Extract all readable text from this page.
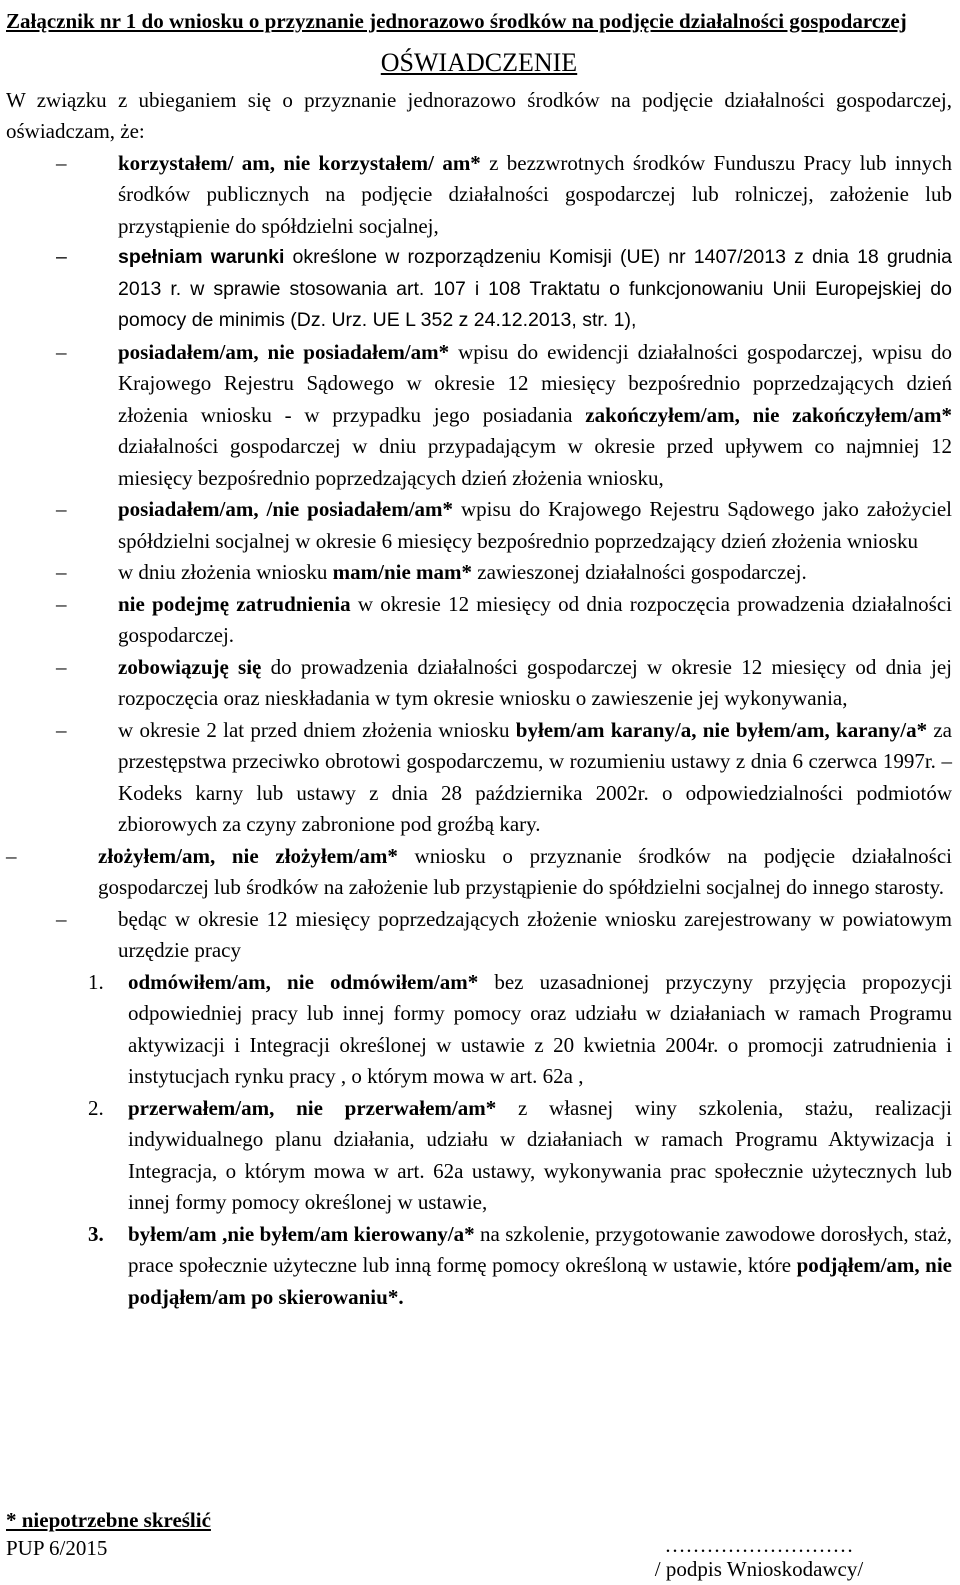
Załącznik nr 1 do wniosku o przyznanie jednorazowo środków na podjęcie działalności gospodarczej

OŚWIADCZENIE

W związku z ubieganiem się o przyznanie jednorazowo środków na podjęcie działalności gospodarczej, oświadczam, że:

–
korzystałem/ am, nie korzystałem/ am* z bezzwrotnych środków Funduszu Pracy lub innych środków publicznych na podjęcie działalności gospodarczej lub rolniczej, założenie lub przystąpienie do spółdzielni socjalnej,
–
spełniam warunki określone w rozporządzeniu Komisji (UE) nr 1407/2013 z dnia 18 grudnia 2013 r. w sprawie stosowania art. 107 i 108 Traktatu o funkcjonowaniu Unii Europejskiej do pomocy de minimis (Dz. Urz. UE L 352 z 24.12.2013, str. 1),
–
posiadałem/am, nie posiadałem/am* wpisu do ewidencji działalności gospodarczej, wpisu do Krajowego Rejestru Sądowego w okresie 12 miesięcy bezpośrednio poprzedzających dzień złożenia wniosku - w przypadku jego posiadania zakończyłem/am, nie zakończyłem/am* działalności gospodarczej w dniu przypadającym w okresie przed upływem co najmniej 12 miesięcy bezpośrednio poprzedzających dzień złożenia wniosku,
–
posiadałem/am, /nie posiadałem/am* wpisu do Krajowego Rejestru Sądowego jako założyciel spółdzielni socjalnej w okresie 6 miesięcy bezpośrednio poprzedzający dzień złożenia wniosku
–
w dniu złożenia wniosku mam/nie mam* zawieszonej działalności gospodarczej.
–
nie podejmę zatrudnienia w okresie 12 miesięcy od dnia rozpoczęcia prowadzenia działalności gospodarczej.
–
zobowiązuję się do prowadzenia działalności gospodarczej w okresie 12 miesięcy od dnia jej rozpoczęcia oraz nieskładania w tym okresie wniosku o zawieszenie jej wykonywania,
–
w okresie 2 lat przed dniem złożenia wniosku byłem/am karany/a, nie byłem/am, karany/a* za przestępstwa przeciwko obrotowi gospodarczemu, w rozumieniu ustawy z dnia 6 czerwca 1997r. – Kodeks karny lub ustawy z dnia 28 października 2002r. o odpowiedzialności podmiotów zbiorowych za czyny zabronione pod groźbą kary.
–
złożyłem/am, nie złożyłem/am* wniosku o przyznanie środków na podjęcie działalności gospodarczej lub środków na założenie lub przystąpienie do spółdzielni socjalnej do innego starosty.
–
będąc w okresie 12 miesięcy poprzedzających złożenie wniosku zarejestrowany w powiatowym urzędzie pracy
1.	odmówiłem/am, nie odmówiłem/am* bez uzasadnionej przyczyny przyjęcia propozycji odpowiedniej pracy lub innej formy pomocy oraz udziału w działaniach w ramach Programu aktywizacji i Integracji określonej w ustawie z 20 kwietnia 2004r. o promocji zatrudnienia i instytucjach rynku pracy , o którym mowa w art. 62a ,
2.	przerwałem/am, nie przerwałem/am* z własnej winy szkolenia, stażu, realizacji indywidualnego planu działania, udziału w działaniach w ramach Programu Aktywizacja i Integracja, o którym mowa w art. 62a ustawy, wykonywania prac społecznie użytecznych lub innej formy pomocy określonej w ustawie,
3.	byłem/am ,nie byłem/am kierowany/a* na szkolenie, przygotowanie zawodowe dorosłych, staż, prace społecznie użyteczne lub inną formę pomocy określoną w ustawie, które podjąłem/am, nie podjąłem/am po skierowaniu*.
………………………
/ podpis Wnioskodawcy/
* niepotrzebne skreślić
PUP 6/2015
